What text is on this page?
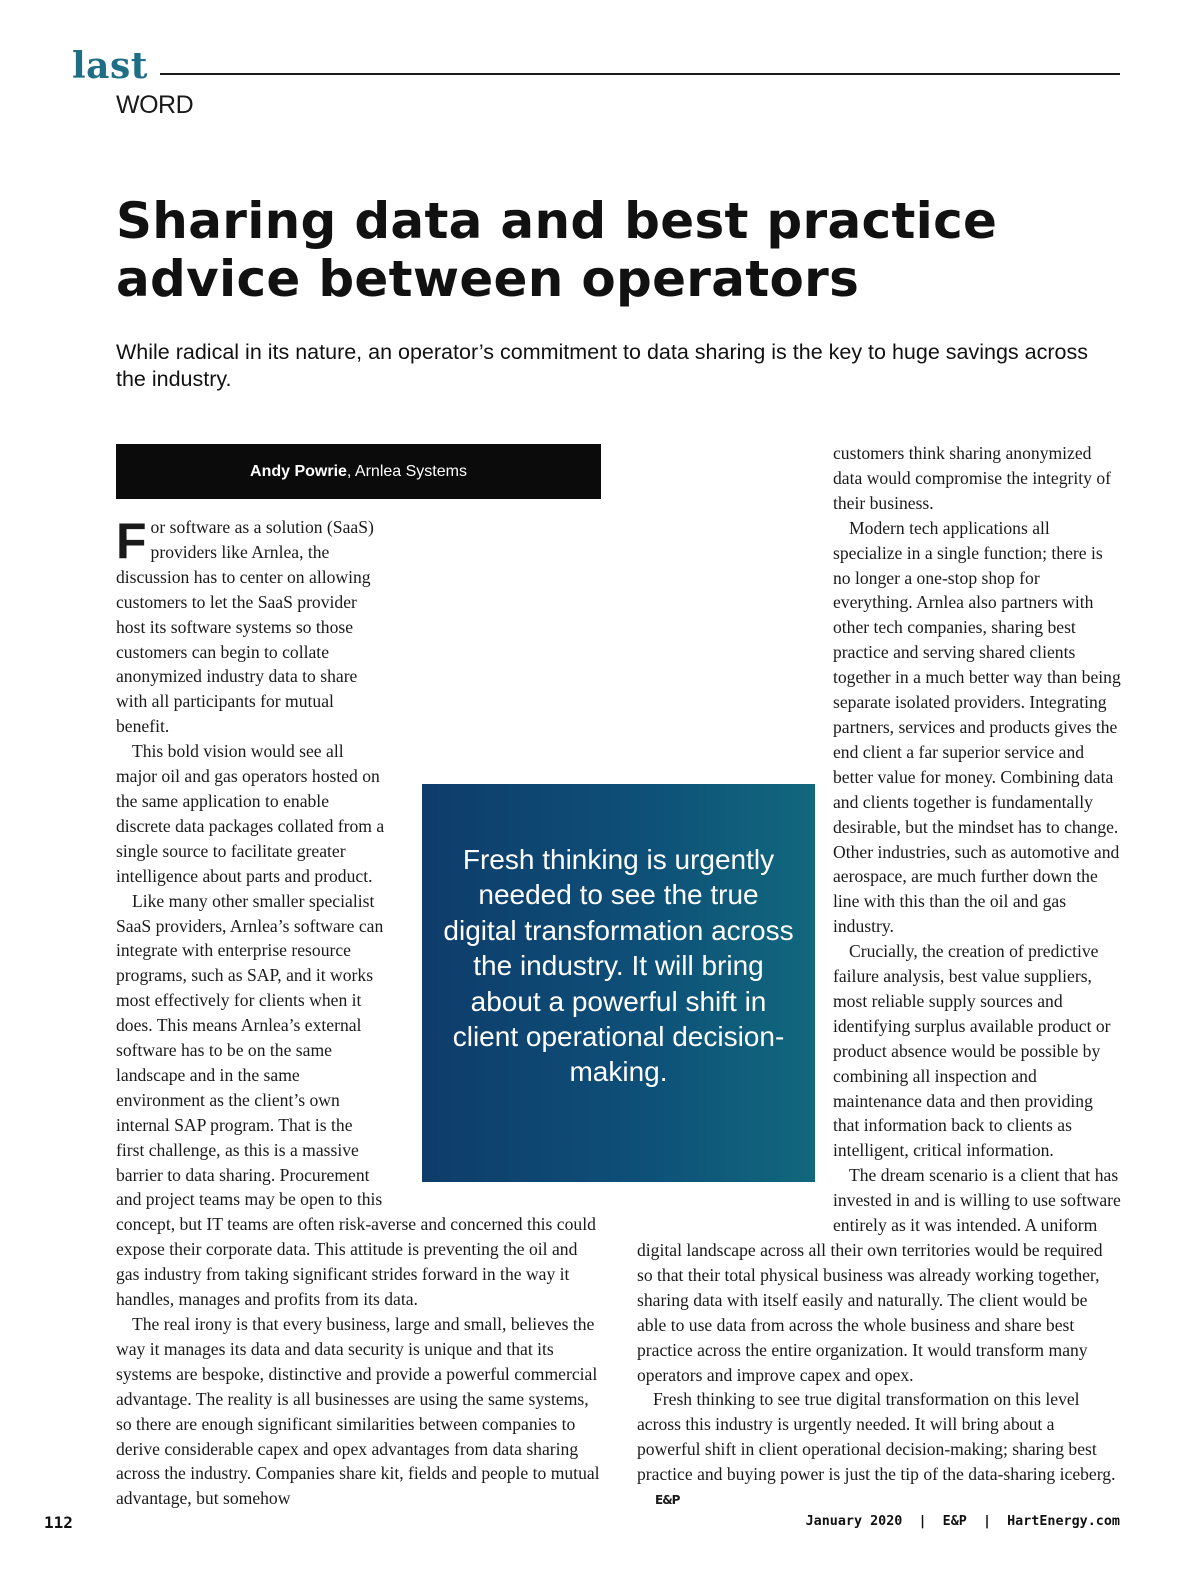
last
WORD
Sharing data and best practice advice between operators

While radical in its nature, an operator’s commitment to data sharing is the key to huge savings across the industry.

Andy Powrie, Arnlea Systems

For software as a solution (SaaS) providers like Arnlea, the discussion has to center on allowing customers to let the SaaS provider host its software systems so those customers can begin to collate anonymized industry data to share with all participants for mutual benefit.

This bold vision would see all major oil and gas operators hosted on the same application to enable discrete data packages collated from a single source to facilitate greater intelligence about parts and product.

Like many other smaller specialist SaaS providers, Arnlea’s software can integrate with enterprise resource programs, such as SAP, and it works most effectively for clients when it does. This means Arnlea’s external software has to be on the same landscape and in the same environment as the client’s own internal SAP program. That is the first challenge, as this is a massive barrier to data sharing. Procurement and project teams may be open to this concept, but IT teams are often risk-averse and concerned this could expose their corporate data. This attitude is preventing the oil and gas industry from taking significant strides forward in the way it handles, manages and profits from its data.

The real irony is that every business, large and small, believes the way it manages its data and data security is unique and that its systems are bespoke, distinctive and provide a powerful commercial advantage. The reality is all businesses are using the same systems, so there are enough significant similarities between companies to derive considerable capex and opex advantages from data sharing across the industry. Companies share kit, fields and people to mutual advantage, but somehow

customers think sharing anonymized data would compromise the integrity of their business.

Modern tech applications all specialize in a single function; there is no longer a one-stop shop for everything. Arnlea also partners with other tech companies, sharing best practice and serving shared clients together in a much better way than being separate isolated providers. Integrating partners, services and products gives the end client a far superior service and better value for money. Combining data and clients together is fundamentally desirable, but the mindset has to change. Other industries, such as automotive and aerospace, are much further down the line with this than the oil and gas industry.

Crucially, the creation of predictive failure analysis, best value suppliers, most reliable supply sources and identifying surplus available product or product absence would be possible by combining all inspection and maintenance data and then providing that information back to clients as intelligent, critical information.

The dream scenario is a client that has invested in and is willing to use software entirely as it was intended. A uniform digital landscape across all their own territories would be required so that their total physical business was already working together, sharing data with itself easily and naturally. The client would be able to use data from across the whole business and share best practice across the entire organization. It would transform many operators and improve capex and opex.

Fresh thinking to see true digital transformation on this level across this industry is urgently needed. It will bring about a powerful shift in client operational decision-making; sharing best practice and buying power is just the tip of the data-sharing iceberg. E&P

Fresh thinking is urgently needed to see the true digital transformation across the industry. It will bring about a powerful shift in client operational decision-making.
112	January 2020  |  E&P  |  HartEnergy.com
